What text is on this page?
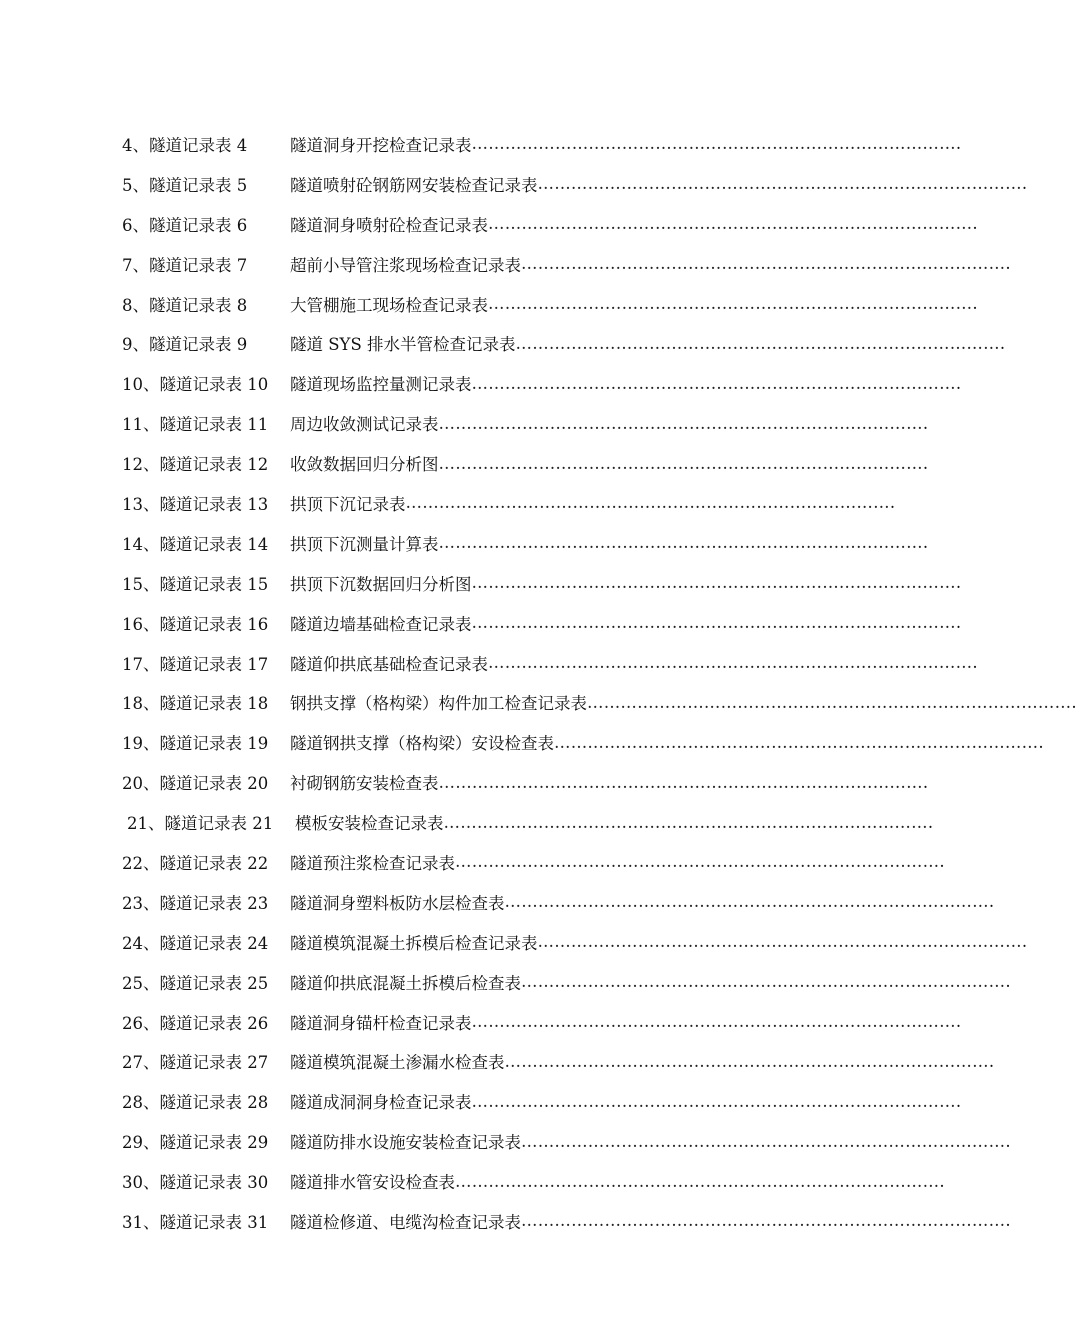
4、隧道记录表 4	隧道洞身开挖检查记录表 …………………………………………………………………………… .
5、隧道记录表 5	隧道喷射砼钢筋网安装检查记录表 …………………………………………………………………………… .
6、隧道记录表 6	隧道洞身喷射砼检查记录表 …………………………………………………………………………… .
7、隧道记录表 7	超前小导管注浆现场检查记录表 …………………………………………………………………………… .
8、隧道记录表 8	大管棚施工现场检查记录表 …………………………………………………………………………… .
9、隧道记录表 9	隧道 SYS 排水半管检查记录表 …………………………………………………………………………… .
10、隧道记录表 10	隧道现场监控量测记录表 …………………………………………………………………………… .
11、隧道记录表 11	周边收敛测试记录表 …………………………………………………………………………… .
12、隧道记录表 12	收敛数据回归分析图 …………………………………………………………………………… .
13、隧道记录表 13	拱顶下沉记录表 …………………………………………………………………………… .
14、隧道记录表 14	拱顶下沉测量计算表 …………………………………………………………………………… .
15、隧道记录表 15	拱顶下沉数据回归分析图 …………………………………………………………………………… .
16、隧道记录表 16	隧道边墙基础检查记录表 …………………………………………………………………………… .
17、隧道记录表 17	隧道仰拱底基础检查记录表 …………………………………………………………………………… .
18、隧道记录表 18	钢拱支撑（格构梁）构件加工检查记录表 …………………………………………………………………………… .
19、隧道记录表 19	隧道钢拱支撑（格构梁）安设检查表 …………………………………………………………………………… .
20、隧道记录表 20	衬砌钢筋安装检查表 …………………………………………………………………………… .
21、隧道记录表 21	模板安装检查记录表 …………………………………………………………………………… .
22、隧道记录表 22	隧道预注浆检查记录表 …………………………………………………………………………… .
23、隧道记录表 23	隧道洞身塑料板防水层检查表 …………………………………………………………………………… .
24、隧道记录表 24	隧道模筑混凝土拆模后检查记录表 …………………………………………………………………………… .
25、隧道记录表 25	隧道仰拱底混凝土拆模后检查表 …………………………………………………………………………… .
26、隧道记录表 26	隧道洞身锚杆检查记录表 …………………………………………………………………………… .
27、隧道记录表 27	隧道模筑混凝土渗漏水检查表 …………………………………………………………………………… .
28、隧道记录表 28	隧道成洞洞身检查记录表 …………………………………………………………………………… .
29、隧道记录表 29	隧道防排水设施安装检查记录表 …………………………………………………………………………… .
30、隧道记录表 30	隧道排水管安设检查表 …………………………………………………………………………… .
31、隧道记录表 31	隧道检修道、电缆沟检查记录表 …………………………………………………………………………… .
